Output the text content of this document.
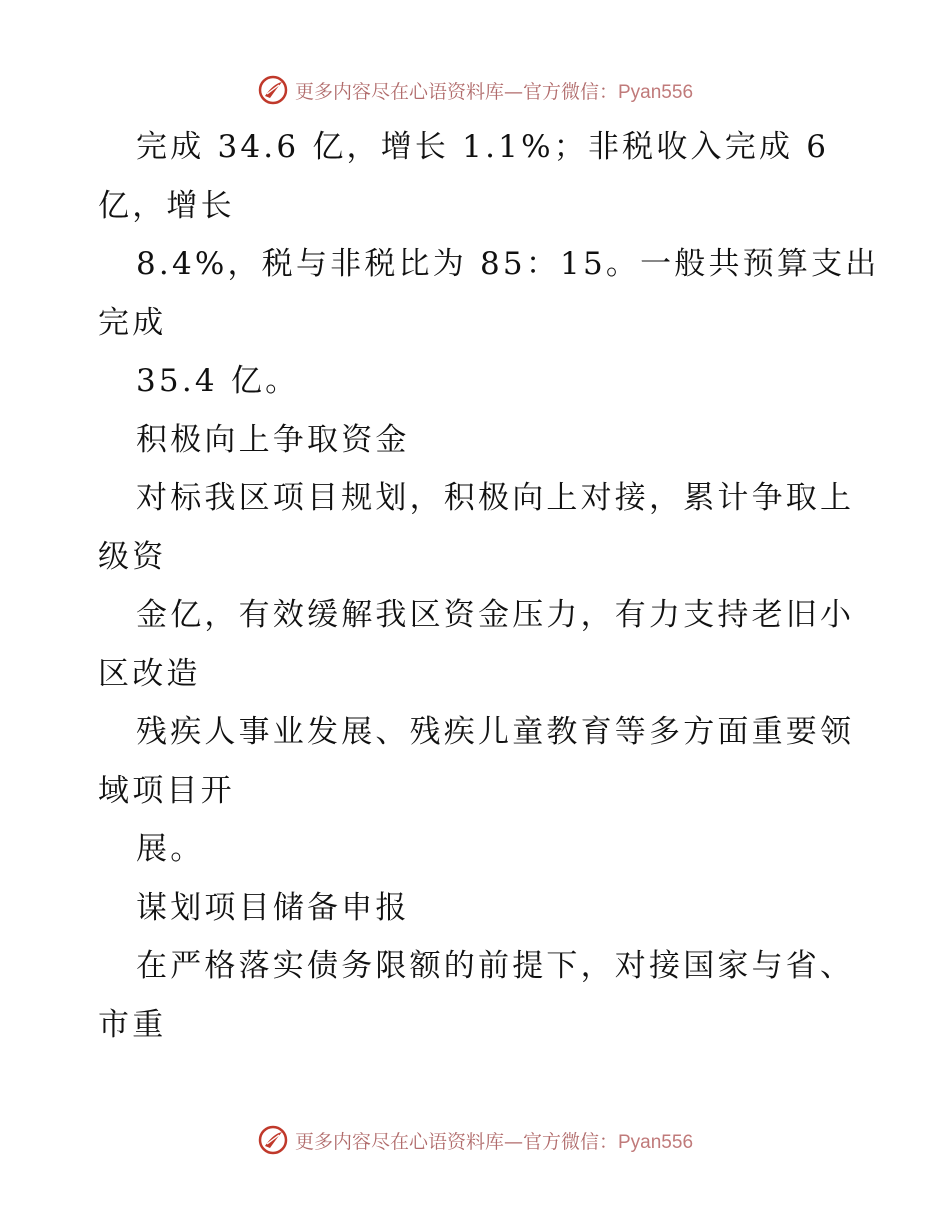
更多内容尽在心语资料库—官方微信：Pyan556
完成 34.6 亿，增长 1.1%；非税收入完成 6
亿，增长
8.4%，税与非税比为 85：15。一般共预算支出
完成
35.4 亿。
积极向上争取资金
对标我区项目规划，积极向上对接，累计争取上
级资
金亿，有效缓解我区资金压力，有力支持老旧小
区改造
残疾人事业发展、残疾儿童教育等多方面重要领
域项目开
展。
谋划项目储备申报
在严格落实债务限额的前提下，对接国家与省、
市重
更多内容尽在心语资料库—官方微信：Pyan556
